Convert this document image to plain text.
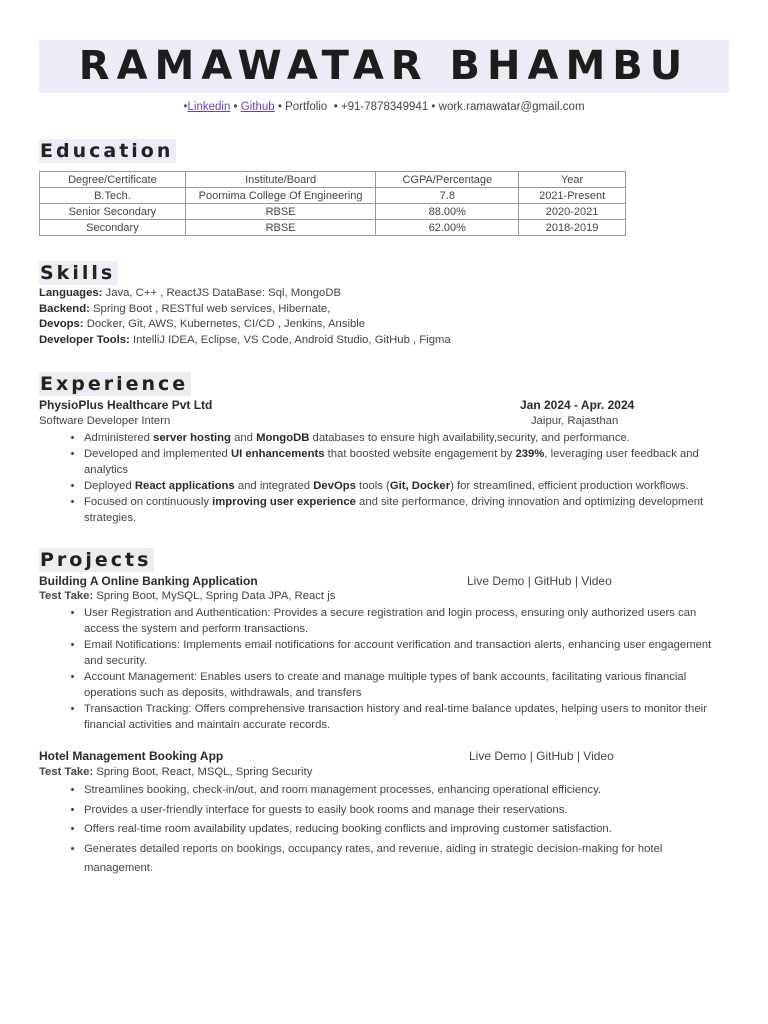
RAMAWATAR BHAMBU
•Linkedin • Github • Portfolio • +91-7878349941 • work.ramawatar@gmail.com
Education
Degree/Certificate	Institute/Board	CGPA/Percentage	Year
B.Tech.	Poornima College Of Engineering	7.8	2021-Present
Senior Secondary	RBSE	88.00%	2020-2021
Secondary	RBSE	62.00%	2018-2019
Skills
Languages: Java, C++ , ReactJS DataBase: Sql, MongoDB
Backend: Spring Boot , RESTful web services, Hibernate,
Devops: Docker, Git, AWS, Kubernetes, CI/CD , Jenkins, Ansible
Developer Tools: IntelliJ IDEA, Eclipse, VS Code, Android Studio, GitHub , Figma
Experience
PhysioPlus Healthcare Pvt Ltd	Jan 2024 - Apr. 2024
Software Developer Intern	Jaipur, Rajasthan
• Administered server hosting and MongoDB databases to ensure high availability,security, and performance.
• Developed and implemented UI enhancements that boosted website engagement by 239%, leveraging user feedback and analytics
• Deployed React applications and integrated DevOps tools (Git, Docker) for streamlined, efficient production workflows.
• Focused on continuously improving user experience and site performance, driving innovation and optimizing development strategies.
Projects
Building A Online Banking Application	Live Demo | GitHub | Video
Test Take: Spring Boot, MySQL, Spring Data JPA, React js
• User Registration and Authentication: Provides a secure registration and login process, ensuring only authorized users can access the system and perform transactions.
• Email Notifications: Implements email notifications for account verification and transaction alerts, enhancing user engagement and security.
• Account Management: Enables users to create and manage multiple types of bank accounts, facilitating various financial operations such as deposits, withdrawals, and transfers
• Transaction Tracking: Offers comprehensive transaction history and real-time balance updates, helping users to monitor their financial activities and maintain accurate records.
Hotel Management Booking App	Live Demo | GitHub | Video
Test Take: Spring Boot, React, MSQL, Spring Security
• Streamlines booking, check-in/out, and room management processes, enhancing operational efficiency.
• Provides a user-friendly interface for guests to easily book rooms and manage their reservations.
• Offers real-time room availability updates, reducing booking conflicts and improving customer satisfaction.
• Generates detailed reports on bookings, occupancy rates, and revenue, aiding in strategic decision-making for hotel management.
